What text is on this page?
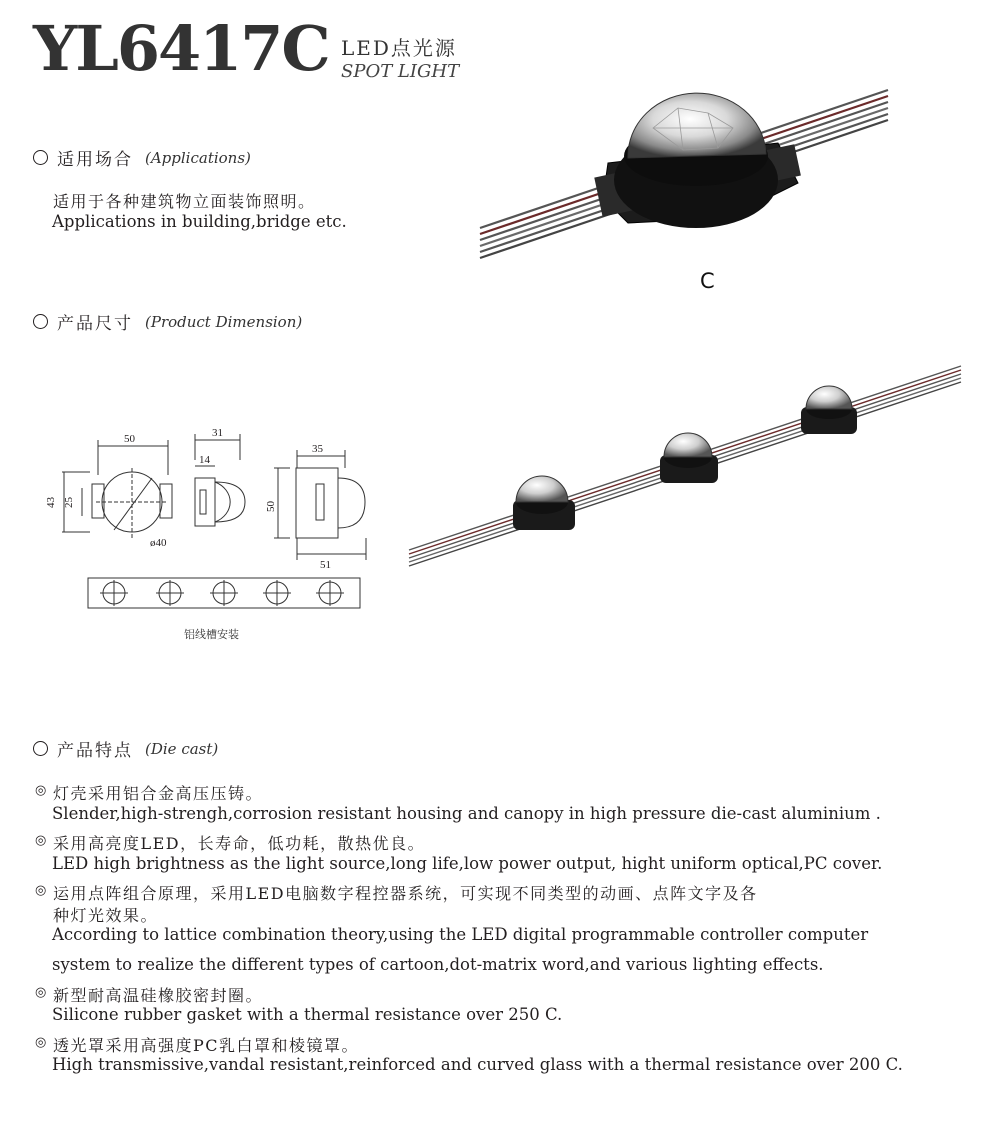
YL6417C LED点光源
SPOT LIGHT
适用场合 (Applications)
适用于各种建筑物立面装饰照明。
Applications in building,bridge etc.
C
产品尺寸 (Product Dimension)
50
43 25
ø40
31
14
35
50
51
铝线槽安装
产品特点 (Die cast)
◎ 灯壳采用铝合金高压压铸。
Slender,high-strengh,corrosion resistant housing and canopy in high pressure die-cast aluminium .
◎ 采用高亮度LED，长寿命，低功耗，散热优良。
LED high brightness as the light source,long life,low power output, hight uniform optical,PC cover.
◎ 运用点阵组合原理，采用LED电脑数字程控器系统，可实现不同类型的动画、点阵文字及各
种灯光效果。
According to lattice combination theory,using the LED digital programmable controller computer
system to realize the different types of cartoon,dot-matrix word,and various lighting effects.
◎ 新型耐高温硅橡胶密封圈。
Silicone rubber gasket with a thermal resistance over 250 C.
◎ 透光罩采用高强度PC乳白罩和棱镜罩。
High transmissive,vandal resistant,reinforced and curved glass with a thermal resistance over 200 C.
